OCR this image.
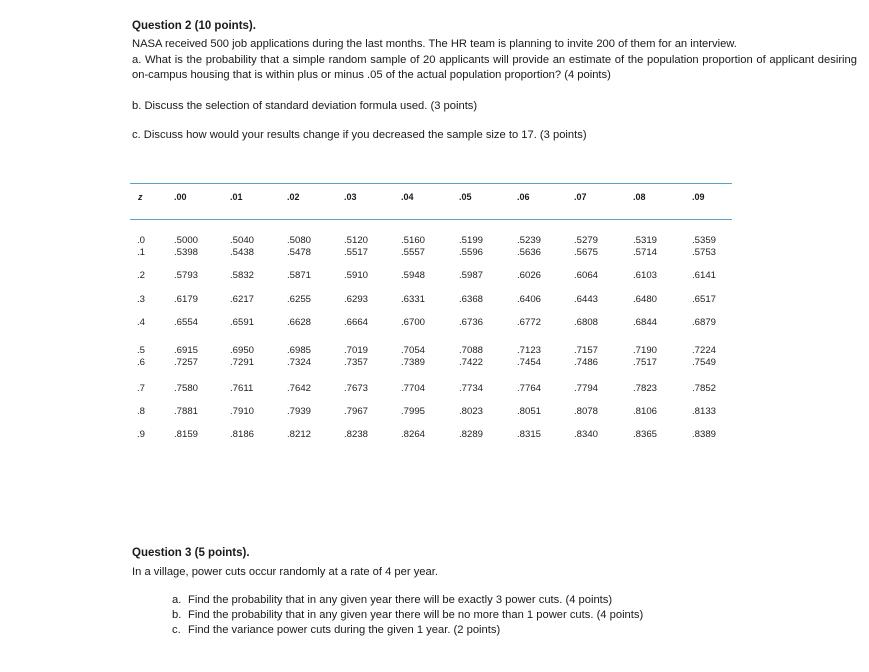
Question 2 (10 points).
NASA received 500 job applications during the last months. The HR team is planning to invite 200 of them for an interview.
a. What is the probability that a simple random sample of 20 applicants will provide an estimate of the population proportion of applicant desiring on-campus housing that is within plus or minus .05 of the actual population proportion? (4 points)
b. Discuss the selection of standard deviation formula used. (3 points)
c. Discuss how would your results change if you decreased the sample size to 17. (3 points)
z	.00	.01	.02	.03	.04	.05	.06	.07	.08	.09
.0	.5000	.5040	.5080	.5120	.5160	.5199	.5239	.5279	.5319	.5359
.1	.5398	.5438	.5478	.5517	.5557	.5596	.5636	.5675	.5714	.5753
.2	.5793	.5832	.5871	.5910	.5948	.5987	.6026	.6064	.6103	.6141
.3	.6179	.6217	.6255	.6293	.6331	.6368	.6406	.6443	.6480	.6517
.4	.6554	.6591	.6628	.6664	.6700	.6736	.6772	.6808	.6844	.6879
.5	.6915	.6950	.6985	.7019	.7054	.7088	.7123	.7157	.7190	.7224
.6	.7257	.7291	.7324	.7357	.7389	.7422	.7454	.7486	.7517	.7549
.7	.7580	.7611	.7642	.7673	.7704	.7734	.7764	.7794	.7823	.7852
.8	.7881	.7910	.7939	.7967	.7995	.8023	.8051	.8078	.8106	.8133
.9	.8159	.8186	.8212	.8238	.8264	.8289	.8315	.8340	.8365	.8389
Question 3 (5 points).
In a village, power cuts occur randomly at a rate of 4 per year.
a. Find the probability that in any given year there will be exactly 3 power cuts. (4 points)
b. Find the probability that in any given year there will be no more than 1 power cuts. (4 points)
c. Find the variance power cuts during the given 1 year. (2 points)
